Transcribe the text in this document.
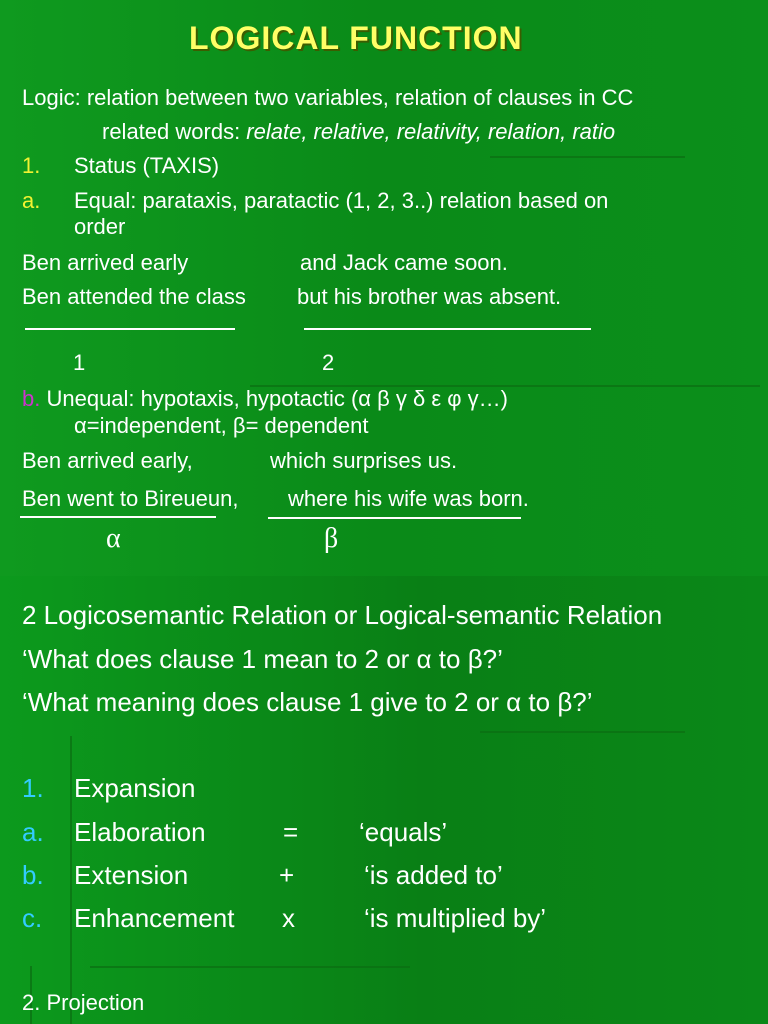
LOGICAL FUNCTION
Logic: relation between two variables, relation of clauses in CC
related words: relate, relative, relativity, relation, ratio
1. Status (TAXIS)
a. Equal: parataxis, paratactic (1, 2, 3..) relation based on
order
Ben arrived early	and Jack came soon.
Ben attended the class but his brother was absent.
1	2
b. Unequal: hypotaxis, hypotactic (α β γ δ ε φ γ…)
α=independent, β= dependent
Ben arrived early,	which surprises us.
Ben went to Bireueun, where his wife was born.
α	β
2 Logicosemantic Relation or Logical-semantic Relation
‘What does clause 1 mean to 2 or α to β?’
‘What meaning does clause 1 give to 2 or α to β?’
1. Expansion
a. Elaboration	= ‘equals’
b. Extension	+	‘is added to’
c. Enhancement x	‘is multiplied by’
2. Projection
